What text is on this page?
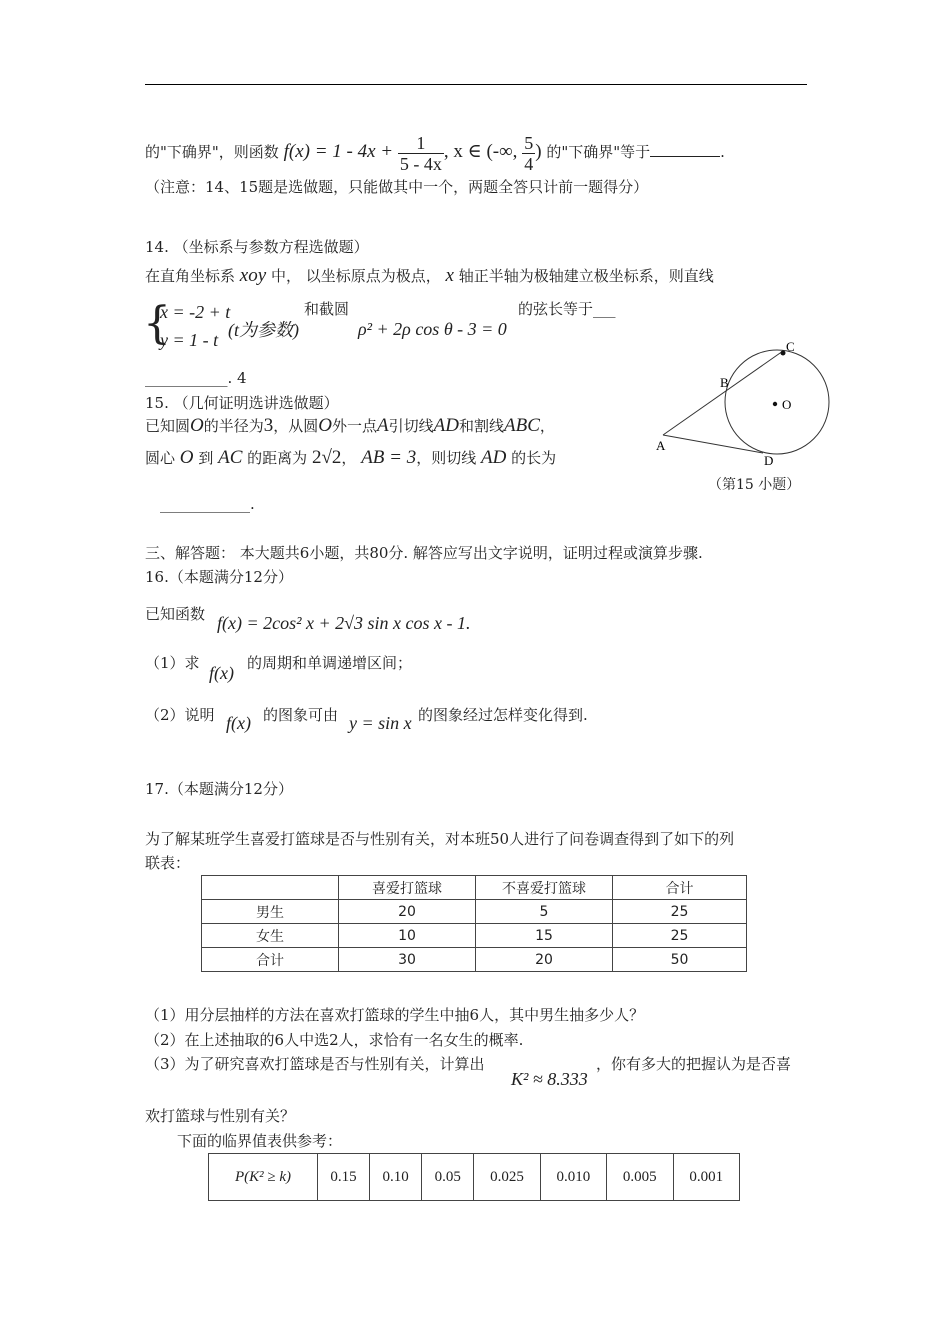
的"下确界"，则函数 $f(x) = 1 - 4x + \frac{1}{5 - 4x}$ , x ∈ (-∞, $\frac{5}{4}$ ) 的"下确界"等于	.
（注意：14、15题是选做题，只能做其中一个，两题全答只计前一题得分）
14. （坐标系与参数方程选做题）
在直角坐标系 xoy 中， 以坐标原点为极点， x 轴正半轴为极轴建立极坐标系，则直线
{
x = -2 + t
y = 1 - t (t为参数)
和截圆
ρ² + 2ρ cos θ - 3 = 0
的弦长等于___
___________. 4
15. （几何证明选讲选做题）
已知圆O的半径为3，从圆O外一点A引切线AD和割线ABC，
圆心 O 到 AC 的距离为 2√2， AB = 3，则切线 AD 的长为
____________.
C
B
O
A
D
（第15 小题）
三、解答题： 本大题共6小题，共80分. 解答应写出文字说明，证明过程或演算步骤.
16.（本题满分12分）
已知函数 f(x) = 2cos² x + 2√3 sin x cos x - 1.
（1）求 f(x) 的周期和单调递增区间；
（2）说明 f(x) 的图象可由 y = sin x 的图象经过怎样变化得到.
17.（本题满分12分）
为了解某班学生喜爱打篮球是否与性别有关，对本班50人进行了问卷调查得到了如下的列
联表：
	喜爱打篮球	不喜爱打篮球	合计
男生	20	5	25
女生	10	15	25
合计	30	20	50
（1）用分层抽样的方法在喜欢打篮球的学生中抽6人，其中男生抽多少人？
（2）在上述抽取的6人中选2人，求恰有一名女生的概率.
（3）为了研究喜欢打篮球是否与性别有关，计算出
K² ≈ 8.333
，你有多大的把握认为是否喜
欢打篮球与性别有关？
下面的临界值表供参考：
P(K² ≥ k)	0.15	0.10	0.05	0.025	0.010	0.005	0.001
